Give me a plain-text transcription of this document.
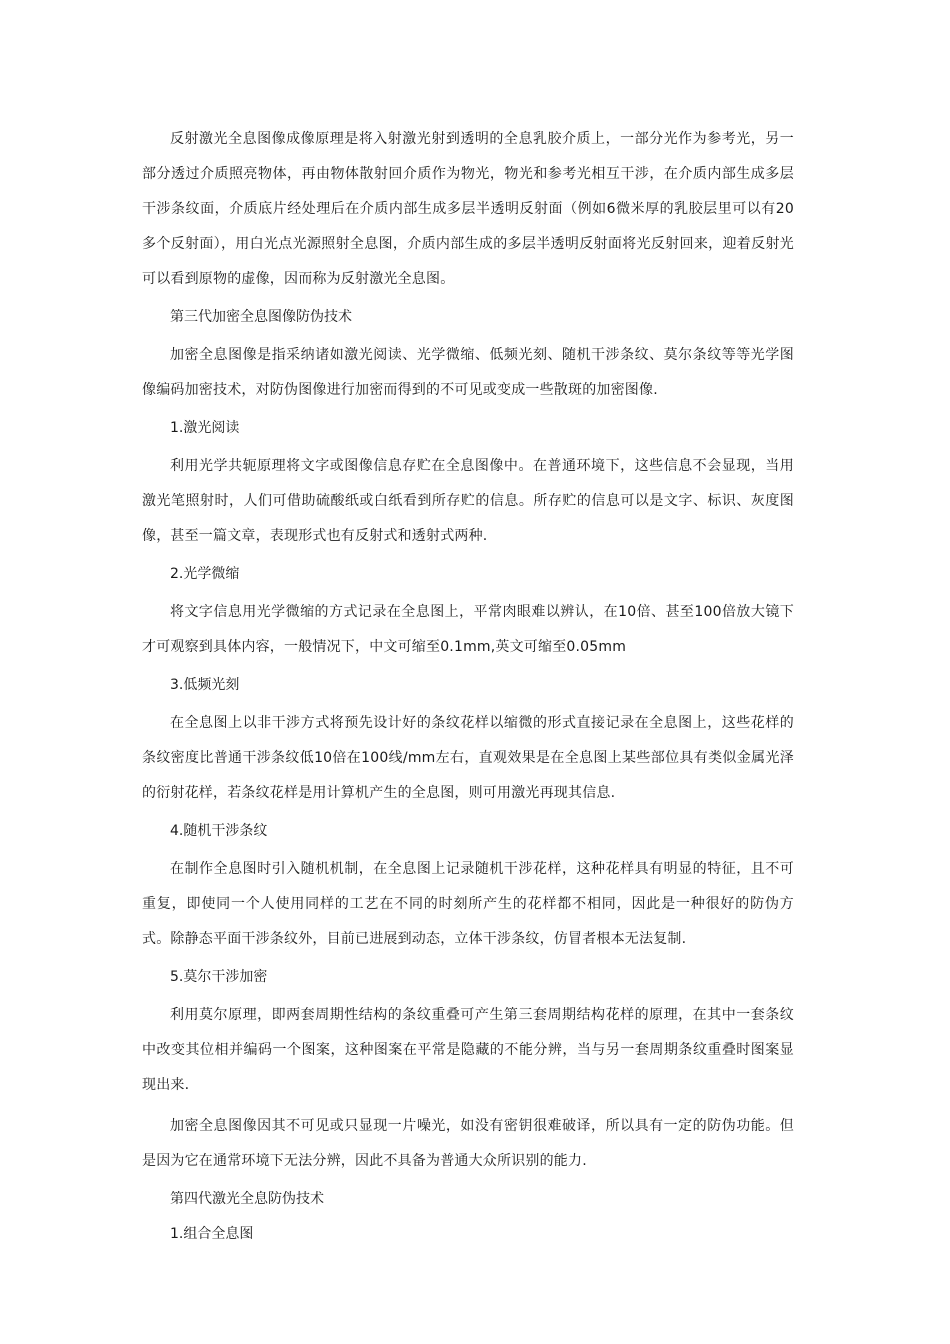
反射激光全息图像成像原理是将入射激光射到透明的全息乳胶介质上，一部分光作为参考光，另一部分透过介质照亮物体，再由物体散射回介质作为物光，物光和参考光相互干涉，在介质内部生成多层干涉条纹面，介质底片经处理后在介质内部生成多层半透明反射面（例如6微米厚的乳胶层里可以有20多个反射面），用白光点光源照射全息图，介质内部生成的多层半透明反射面将光反射回来，迎着反射光可以看到原物的虚像，因而称为反射激光全息图。

第三代加密全息图像防伪技术

加密全息图像是指采纳诸如激光阅读、光学微缩、低频光刻、随机干涉条纹、莫尔条纹等等光学图像编码加密技术，对防伪图像进行加密而得到的不可见或变成一些散斑的加密图像.

1.激光阅读

利用光学共轭原理将文字或图像信息存贮在全息图像中。在普通环境下，这些信息不会显现，当用激光笔照射时，人们可借助硫酸纸或白纸看到所存贮的信息。所存贮的信息可以是文字、标识、灰度图像，甚至一篇文章，表现形式也有反射式和透射式两种.

2.光学微缩

将文字信息用光学微缩的方式记录在全息图上，平常肉眼难以辨认，在10倍、甚至100倍放大镜下才可观察到具体内容，一般情况下，中文可缩至0.1mm,英文可缩至0.05mm

3.低频光刻

在全息图上以非干涉方式将预先设计好的条纹花样以缩微的形式直接记录在全息图上，这些花样的条纹密度比普通干涉条纹低10倍在100线/mm左右，直观效果是在全息图上某些部位具有类似金属光泽的衍射花样，若条纹花样是用计算机产生的全息图，则可用激光再现其信息.

4.随机干涉条纹

在制作全息图时引入随机机制，在全息图上记录随机干涉花样，这种花样具有明显的特征，且不可重复，即使同一个人使用同样的工艺在不同的时刻所产生的花样都不相同，因此是一种很好的防伪方式。除静态平面干涉条纹外，目前已进展到动态，立体干涉条纹，仿冒者根本无法复制.

5.莫尔干涉加密

利用莫尔原理，即两套周期性结构的条纹重叠可产生第三套周期结构花样的原理，在其中一套条纹中改变其位相并编码一个图案，这种图案在平常是隐藏的不能分辨，当与另一套周期条纹重叠时图案显现出来.

加密全息图像因其不可见或只显现一片噪光，如没有密钥很难破译，所以具有一定的防伪功能。但是因为它在通常环境下无法分辨，因此不具备为普通大众所识别的能力.

第四代激光全息防伪技术

1.组合全息图
